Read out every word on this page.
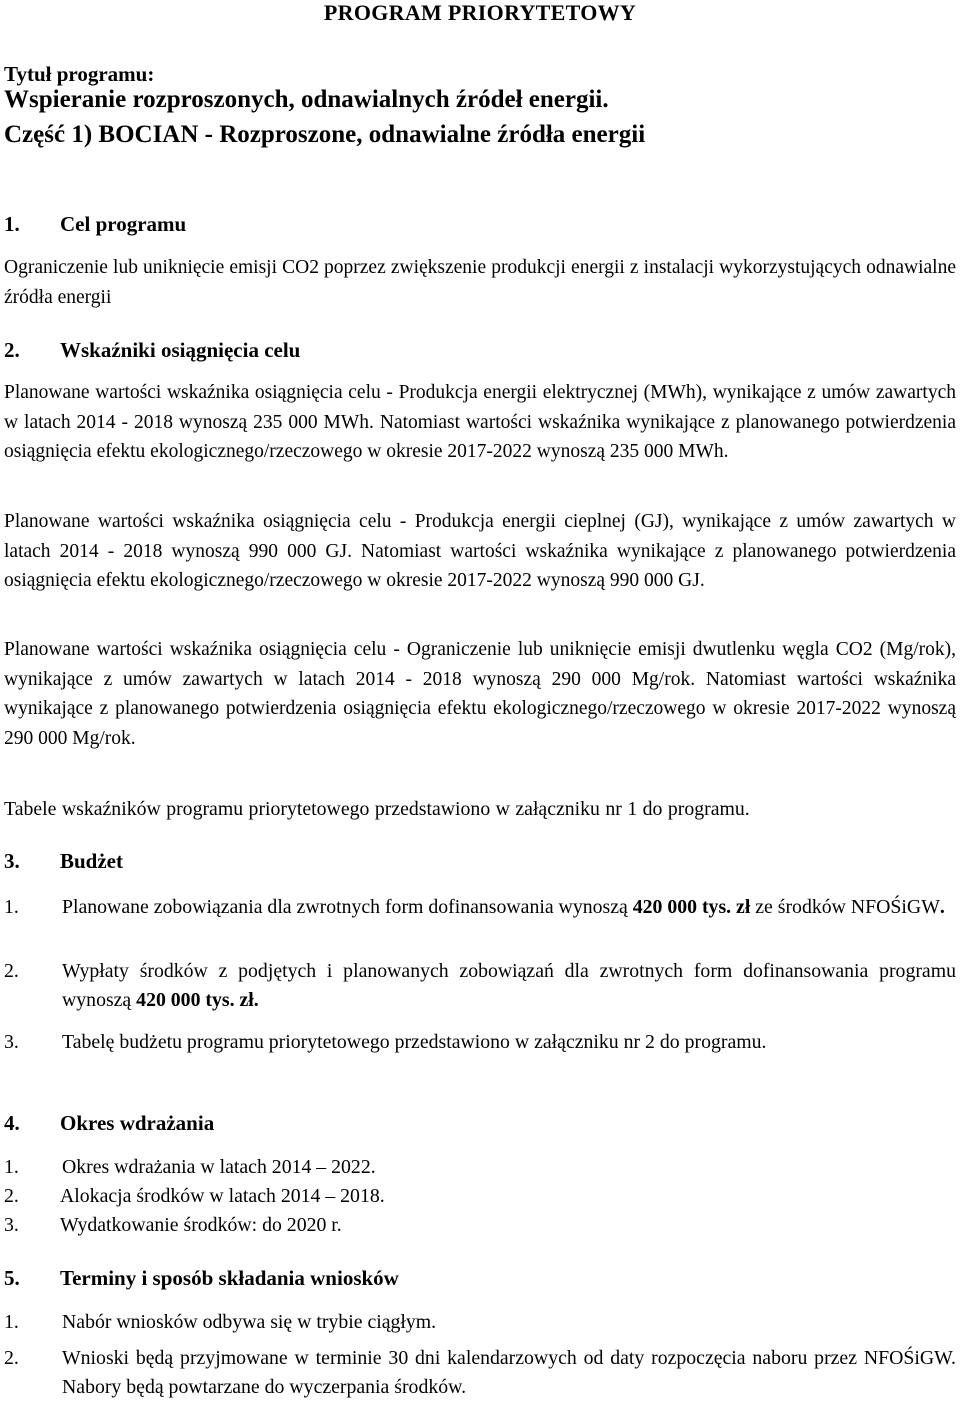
PROGRAM PRIORYTETOWY
Tytuł programu:
Wspieranie rozproszonych, odnawialnych źródeł energii.
Część 1) BOCIAN - Rozproszone, odnawialne źródła energii
1. Cel programu
Ograniczenie lub uniknięcie emisji CO2 poprzez zwiększenie produkcji energii z instalacji wykorzystujących odnawialne źródła energii
2. Wskaźniki osiągnięcia celu
Planowane wartości wskaźnika osiągnięcia celu - Produkcja energii elektrycznej (MWh), wynikające z umów zawartych w latach 2014 - 2018 wynoszą 235 000 MWh. Natomiast wartości wskaźnika wynikające z planowanego potwierdzenia osiągnięcia efektu ekologicznego/rzeczowego w okresie 2017-2022 wynoszą 235 000 MWh.
Planowane wartości wskaźnika osiągnięcia celu - Produkcja energii cieplnej (GJ), wynikające z umów zawartych w latach 2014 - 2018 wynoszą 990 000 GJ. Natomiast wartości wskaźnika wynikające z planowanego potwierdzenia osiągnięcia efektu ekologicznego/rzeczowego w okresie 2017-2022 wynoszą 990 000 GJ.
Planowane wartości wskaźnika osiągnięcia celu - Ograniczenie lub uniknięcie emisji dwutlenku węgla CO2 (Mg/rok), wynikające z umów zawartych w latach 2014 - 2018 wynoszą 290 000 Mg/rok. Natomiast wartości wskaźnika wynikające z planowanego potwierdzenia osiągnięcia efektu ekologicznego/rzeczowego w okresie 2017-2022 wynoszą 290 000 Mg/rok.
Tabele wskaźników programu priorytetowego przedstawiono w załączniku nr 1 do programu.
3. Budżet
1. Planowane zobowiązania dla zwrotnych form dofinansowania wynoszą 420 000 tys. zł ze środków NFOŚiGW.
2. Wypłaty środków z podjętych i planowanych zobowiązań dla zwrotnych form dofinansowania programu wynoszą 420 000 tys. zł.
3. Tabelę budżetu programu priorytetowego przedstawiono w załączniku nr 2 do programu.
4. Okres wdrażania
1. Okres wdrażania w latach 2014 – 2022.
2. Alokacja środków w latach 2014 – 2018.
3. Wydatkowanie środków: do 2020 r.
5. Terminy i sposób składania wniosków
1. Nabór wniosków odbywa się w trybie ciągłym.
2. Wnioski będą przyjmowane w terminie 30 dni kalendarzowych od daty rozpoczęcia naboru przez NFOŚiGW. Nabory będą powtarzane do wyczerpania środków.
